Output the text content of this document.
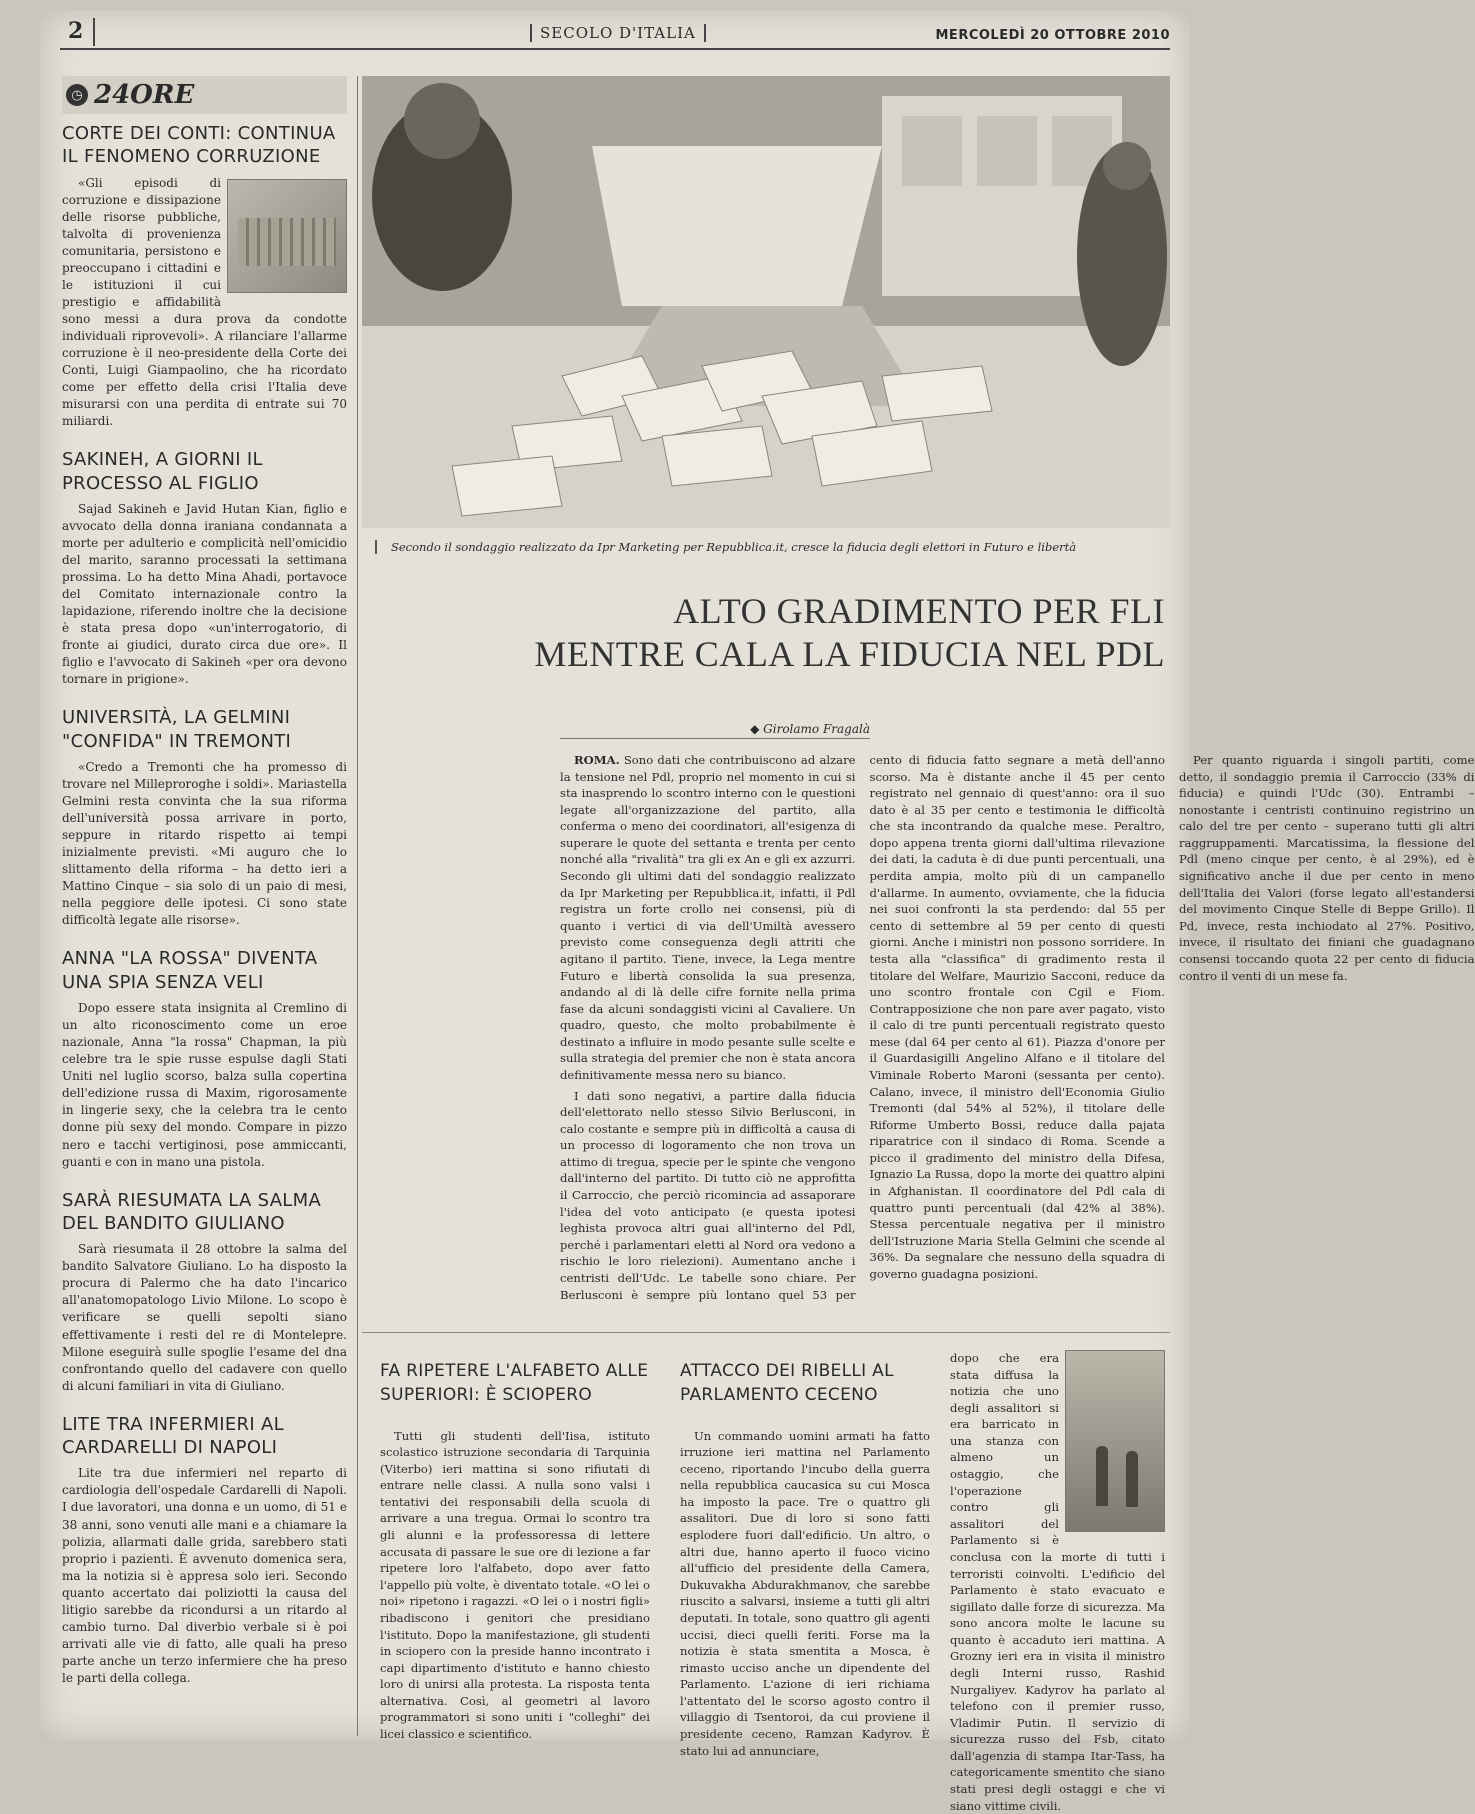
2	SECOLO D'ITALIA	MERCOLEDÌ 20 OTTOBRE 2010
◷ 24ORE
CORTE DEI CONTI: CONTINUA IL FENOMENO CORRUZIONE

«Gli episodi di corruzione e dissipazione delle risorse pubbliche, talvolta di provenienza comunitaria, persistono e preoccupano i cittadini e le istituzioni il cui prestigio e affidabilità sono messi a dura prova da condotte individuali riprovevoli». A rilanciare l'allarme corruzione è il neo-presidente della Corte dei Conti, Luigi Giampaolino, che ha ricordato come per effetto della crisi l'Italia deve misurarsi con una perdita di entrate sui 70 miliardi.

SAKINEH, A GIORNI IL PROCESSO AL FIGLIO

Sajad Sakineh e Javid Hutan Kian, figlio e avvocato della donna iraniana condannata a morte per adulterio e complicità nell'omicidio del marito, saranno processati la settimana prossima. Lo ha detto Mina Ahadi, portavoce del Comitato internazionale contro la lapidazione, riferendo inoltre che la decisione è stata presa dopo «un'interrogatorio, di fronte ai giudici, durato circa due ore». Il figlio e l'avvocato di Sakineh «per ora devono tornare in prigione».

UNIVERSITÀ, LA GELMINI "CONFIDA" IN TREMONTI

«Credo a Tremonti che ha promesso di trovare nel Milleproroghe i soldi». Mariastella Gelmini resta convinta che la sua riforma dell'università possa arrivare in porto, seppure in ritardo rispetto ai tempi inizialmente previsti. «Mi auguro che lo slittamento della riforma – ha detto ieri a Mattino Cinque – sia solo di un paio di mesi, nella peggiore delle ipotesi. Ci sono state difficoltà legate alle risorse».

ANNA "LA ROSSA" DIVENTA UNA SPIA SENZA VELI

Dopo essere stata insignita al Cremlino di un alto riconoscimento come un eroe nazionale, Anna "la rossa" Chapman, la più celebre tra le spie russe espulse dagli Stati Uniti nel luglio scorso, balza sulla copertina dell'edizione russa di Maxim, rigorosamente in lingerie sexy, che la celebra tra le cento donne più sexy del mondo. Compare in pizzo nero e tacchi vertiginosi, pose ammiccanti, guanti e con in mano una pistola.

SARÀ RIESUMATA LA SALMA DEL BANDITO GIULIANO

Sarà riesumata il 28 ottobre la salma del bandito Salvatore Giuliano. Lo ha disposto la procura di Palermo che ha dato l'incarico all'anatomopatologo Livio Milone. Lo scopo è verificare se quelli sepolti siano effettivamente i resti del re di Montelepre. Milone eseguirà sulle spoglie l'esame del dna confrontando quello del cadavere con quello di alcuni familiari in vita di Giuliano.

LITE TRA INFERMIERI AL CARDARELLI DI NAPOLI

Lite tra due infermieri nel reparto di cardiologia dell'ospedale Cardarelli di Napoli. I due lavoratori, una donna e un uomo, di 51 e 38 anni, sono venuti alle mani e a chiamare la polizia, allarmati dalle grida, sarebbero stati proprio i pazienti. È avvenuto domenica sera, ma la notizia si è appresa solo ieri. Secondo quanto accertato dai poliziotti la causa del litigio sarebbe da ricondursi a un ritardo al cambio turno. Dal diverbio verbale si è poi arrivati alle vie di fatto, alle quali ha preso parte anche un terzo infermiere che ha preso le parti della collega.

Secondo il sondaggio realizzato da Ipr Marketing per Repubblica.it, cresce la fiducia degli elettori in Futuro e libertà
ALTO GRADIMENTO PER FLI
MENTRE CALA LA FIDUCIA NEL PDL
◆ Girolamo Fragalà

ROMA. Sono dati che contribuiscono ad alzare la tensione nel Pdl, proprio nel momento in cui si sta inasprendo lo scontro interno con le questioni legate all'organizzazione del partito, alla conferma o meno dei coordinatori, all'esigenza di superare le quote del settanta e trenta per cento nonché alla "rivalità" tra gli ex An e gli ex azzurri. Secondo gli ultimi dati del sondaggio realizzato da Ipr Marketing per Repubblica.it, infatti, il Pdl registra un forte crollo nei consensi, più di quanto i vertici di via dell'Umiltà avessero previsto come conseguenza degli attriti che agitano il partito. Tiene, invece, la Lega mentre Futuro e libertà consolida la sua presenza, andando al di là delle cifre fornite nella prima fase da alcuni sondaggisti vicini al Cavaliere. Un quadro, questo, che molto probabilmente è destinato a influire in modo pesante sulle scelte e sulla strategia del premier che non è stata ancora definitivamente messa nero su bianco.

I dati sono negativi, a partire dalla fiducia dell'elettorato nello stesso Silvio Berlusconi, in calo costante e sempre più in difficoltà a causa di un processo di logoramento che non trova un attimo di tregua, specie per le spinte che vengono dall'interno del partito. Di tutto ciò ne approfitta il Carroccio, che perciò ricomincia ad assaporare l'idea del voto anticipato (e questa ipotesi leghista provoca altri guai all'interno del Pdl, perché i parlamentari eletti al Nord ora vedono a rischio le loro rielezioni). Aumentano anche i centristi dell'Udc. Le tabelle sono chiare. Per Berlusconi è sempre più lontano quel 53 per cento di fiducia fatto segnare a metà dell'anno scorso. Ma è distante anche il 45 per cento registrato nel gennaio di quest'anno: ora il suo dato è al 35 per cento e testimonia le difficoltà che sta incontrando da qualche mese. Peraltro, dopo appena trenta giorni dall'ultima rilevazione dei dati, la caduta è di due punti percentuali, una perdita ampia, molto più di un campanello d'allarme. In aumento, ovviamente, che la fiducia nei suoi confronti la sta perdendo: dal 55 per cento di settembre al 59 per cento di questi giorni. Anche i ministri non possono sorridere. In testa alla "classifica" di gradimento resta il titolare del Welfare, Maurizio Sacconi, reduce da uno scontro frontale con Cgil e Fiom. Contrapposizione che non pare aver pagato, visto il calo di tre punti percentuali registrato questo mese (dal 64 per cento al 61). Piazza d'onore per il Guardasigilli Angelino Alfano e il titolare del Viminale Roberto Maroni (sessanta per cento). Calano, invece, il ministro dell'Economia Giulio Tremonti (dal 54% al 52%), il titolare delle Riforme Umberto Bossi, reduce dalla pajata riparatrice con il sindaco di Roma. Scende a picco il gradimento del ministro della Difesa, Ignazio La Russa, dopo la morte dei quattro alpini in Afghanistan. Il coordinatore del Pdl cala di quattro punti percentuali (dal 42% al 38%). Stessa percentuale negativa per il ministro dell'Istruzione Maria Stella Gelmini che scende al 36%. Da segnalare che nessuno della squadra di governo guadagna posizioni.

Per quanto riguarda i singoli partiti, come detto, il sondaggio premia il Carroccio (33% di fiducia) e quindi l'Udc (30). Entrambi – nonostante i centristi continuino registrino un calo del tre per cento – superano tutti gli altri raggruppamenti. Marcatissima, la flessione del Pdl (meno cinque per cento, è al 29%), ed è significativo anche il due per cento in meno dell'Italia dei Valori (forse legato all'estandersi del movimento Cinque Stelle di Beppe Grillo). Il Pd, invece, resta inchiodato al 27%. Positivo, invece, il risultato dei finiani che guadagnano consensi toccando quota 22 per cento di fiducia contro il venti di un mese fa.

FA RIPETERE L'ALFABETO ALLE SUPERIORI: È SCIOPERO

Tutti gli studenti dell'Iisa, istituto scolastico istruzione secondaria di Tarquinia (Viterbo) ieri mattina si sono rifiutati di entrare nelle classi. A nulla sono valsi i tentativi dei responsabili della scuola di arrivare a una tregua. Ormai lo scontro tra gli alunni e la professoressa di lettere accusata di passare le sue ore di lezione a far ripetere loro l'alfabeto, dopo aver fatto l'appello più volte, è diventato totale. «O lei o noi» ripetono i ragazzi. «O lei o i nostri figli» ribadiscono i genitori che presidiano l'istituto. Dopo la manifestazione, gli studenti in sciopero con la preside hanno incontrato i capi dipartimento d'istituto e hanno chiesto loro di unirsi alla protesta. La risposta tenta alternativa. Così, al geometri al lavoro programmatori si sono uniti i "colleghi" dei licei classico e scientifico.

ATTACCO DEI RIBELLI AL PARLAMENTO CECENO

Un commando uomini armati ha fatto irruzione ieri mattina nel Parlamento ceceno, riportando l'incubo della guerra nella repubblica caucasica su cui Mosca ha imposto la pace. Tre o quattro gli assalitori. Due di loro si sono fatti esplodere fuori dall'edificio. Un altro, o altri due, hanno aperto il fuoco vicino all'ufficio del presidente della Camera, Dukuvakha Abdurakhmanov, che sarebbe riuscito a salvarsi, insieme a tutti gli altri deputati. In totale, sono quattro gli agenti uccisi, dieci quelli feriti. Forse ma la notizia è stata smentita a Mosca, è rimasto ucciso anche un dipendente del Parlamento. L'azione di ieri richiama l'attentato del le scorso agosto contro il villaggio di Tsentoroi, da cui proviene il presidente ceceno, Ramzan Kadyrov. È stato lui ad annunciare,

dopo che era stata diffusa la notizia che uno degli assalitori si era barricato in una stanza con almeno un ostaggio, che l'operazione contro gli assalitori del Parlamento si è conclusa con la morte di tutti i terroristi coinvolti. L'edificio del Parlamento è stato evacuato e sigillato dalle forze di sicurezza. Ma sono ancora molte le lacune su quanto è accaduto ieri mattina. A Grozny ieri era in visita il ministro degli Interni russo, Rashid Nurgaliyev. Kadyrov ha parlato al telefono con il premier russo, Vladimir Putin. Il servizio di sicurezza russo del Fsb, citato dall'agenzia di stampa Itar-Tass, ha categoricamente smentito che siano stati presi degli ostaggi e che vi siano vittime civili.
